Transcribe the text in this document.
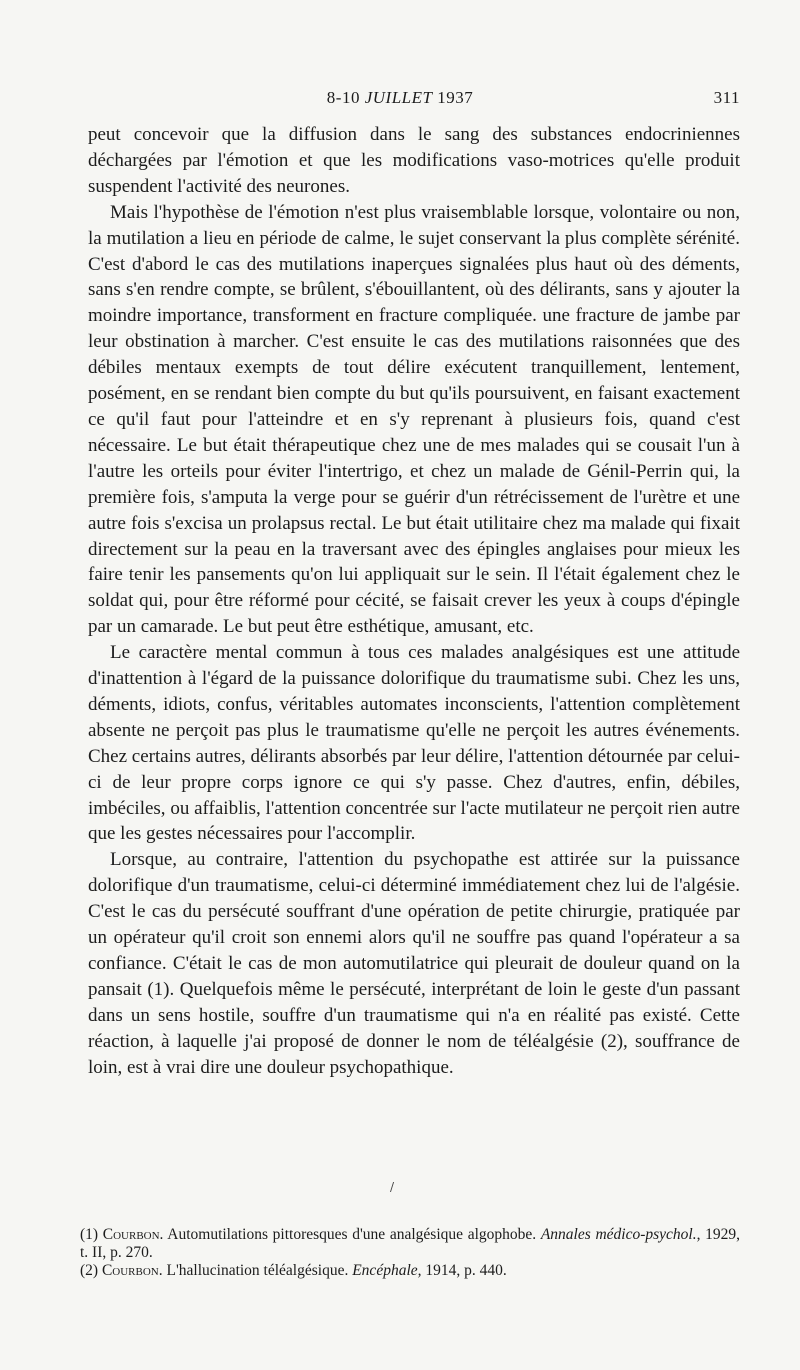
8-10 JUILLET 1937	311

peut concevoir que la diffusion dans le sang des substances endocriniennes déchargées par l'émotion et que les modifications vaso-motrices qu'elle produit suspendent l'activité des neurones.

Mais l'hypothèse de l'émotion n'est plus vraisemblable lorsque, volontaire ou non, la mutilation a lieu en période de calme, le sujet conservant la plus complète sérénité. C'est d'abord le cas des mutilations inaperçues signalées plus haut où des déments, sans s'en rendre compte, se brûlent, s'ébouillantent, où des délirants, sans y ajouter la moindre importance, transforment en fracture compliquée. une fracture de jambe par leur obstination à marcher. C'est ensuite le cas des mutilations raisonnées que des débiles mentaux exempts de tout délire exécutent tranquillement, lentement, posément, en se rendant bien compte du but qu'ils poursuivent, en faisant exactement ce qu'il faut pour l'atteindre et en s'y reprenant à plusieurs fois, quand c'est nécessaire. Le but était thérapeutique chez une de mes malades qui se cousait l'un à l'autre les orteils pour éviter l'intertrigo, et chez un malade de Génil-Perrin qui, la première fois, s'amputa la verge pour se guérir d'un rétrécissement de l'urètre et une autre fois s'excisa un prolapsus rectal. Le but était utilitaire chez ma malade qui fixait directement sur la peau en la traversant avec des épingles anglaises pour mieux les faire tenir les pansements qu'on lui appliquait sur le sein. Il l'était également chez le soldat qui, pour être réformé pour cécité, se faisait crever les yeux à coups d'épingle par un camarade. Le but peut être esthétique, amusant, etc.

Le caractère mental commun à tous ces malades analgésiques est une attitude d'inattention à l'égard de la puissance dolorifique du traumatisme subi. Chez les uns, déments, idiots, confus, véritables automates inconscients, l'attention complètement absente ne perçoit pas plus le traumatisme qu'elle ne perçoit les autres événements. Chez certains autres, délirants absorbés par leur délire, l'attention détournée par celui-ci de leur propre corps ignore ce qui s'y passe. Chez d'autres, enfin, débiles, imbéciles, ou affaiblis, l'attention concentrée sur l'acte mutilateur ne perçoit rien autre que les gestes nécessaires pour l'accomplir.

Lorsque, au contraire, l'attention du psychopathe est attirée sur la puissance dolorifique d'un traumatisme, celui-ci déterminé immédiatement chez lui de l'algésie. C'est le cas du persécuté souffrant d'une opération de petite chirurgie, pratiquée par un opérateur qu'il croit son ennemi alors qu'il ne souffre pas quand l'opérateur a sa confiance. C'était le cas de mon automutilatrice qui pleurait de douleur quand on la pansait (1). Quelquefois même le persécuté, interprétant de loin le geste d'un passant dans un sens hostile, souffre d'un traumatisme qui n'a en réalité pas existé. Cette réaction, à laquelle j'ai proposé de donner le nom de téléalgésie (2), souffrance de loin, est à vrai dire une douleur psychopathique.

/

(1) Courbon. Automutilations pittoresques d'une analgésique algophobe. Annales médico-psychol., 1929, t. II, p. 270.

(2) Courbon. L'hallucination téléalgésique. Encéphale, 1914, p. 440.
